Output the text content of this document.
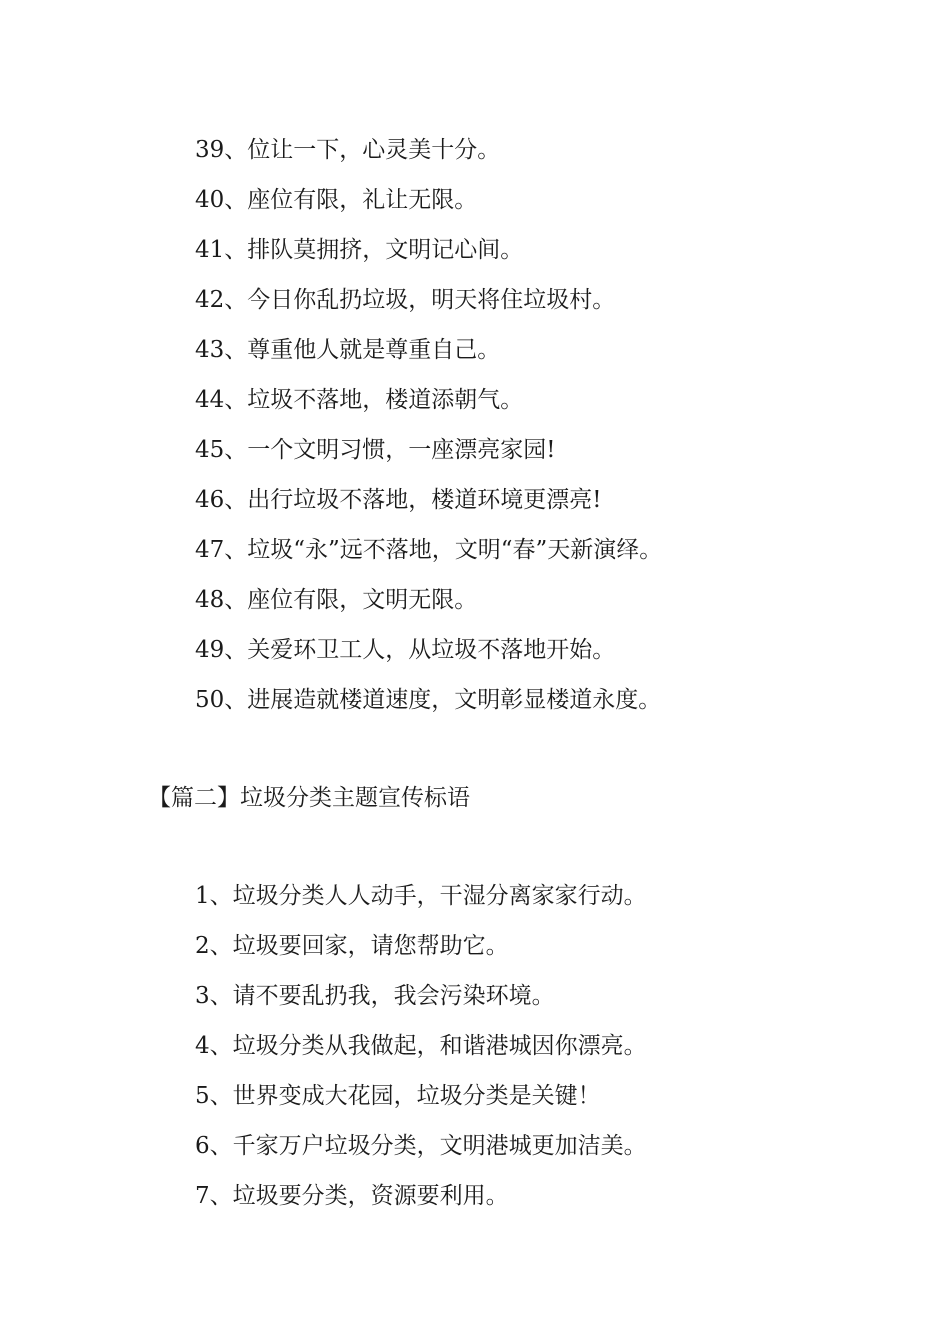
39、位让一下，心灵美十分。
40、座位有限，礼让无限。
41、排队莫拥挤，文明记心间。
42、今日你乱扔垃圾，明天将住垃圾村。
43、尊重他人就是尊重自己。
44、垃圾不落地，楼道添朝气。
45、一个文明习惯，一座漂亮家园!
46、出行垃圾不落地，楼道环境更漂亮!
47、垃圾“永”远不落地，文明“春”天新演绎。
48、座位有限，文明无限。
49、关爱环卫工人，从垃圾不落地开始。
50、进展造就楼道速度，文明彰显楼道永度。
【篇二】垃圾分类主题宣传标语
1、垃圾分类人人动手，干湿分离家家行动。
2、垃圾要回家，请您帮助它。
3、请不要乱扔我，我会污染环境。
4、垃圾分类从我做起，和谐港城因你漂亮。
5、世界变成大花园，垃圾分类是关键！
6、千家万户垃圾分类，文明港城更加洁美。
7、垃圾要分类，资源要利用。
